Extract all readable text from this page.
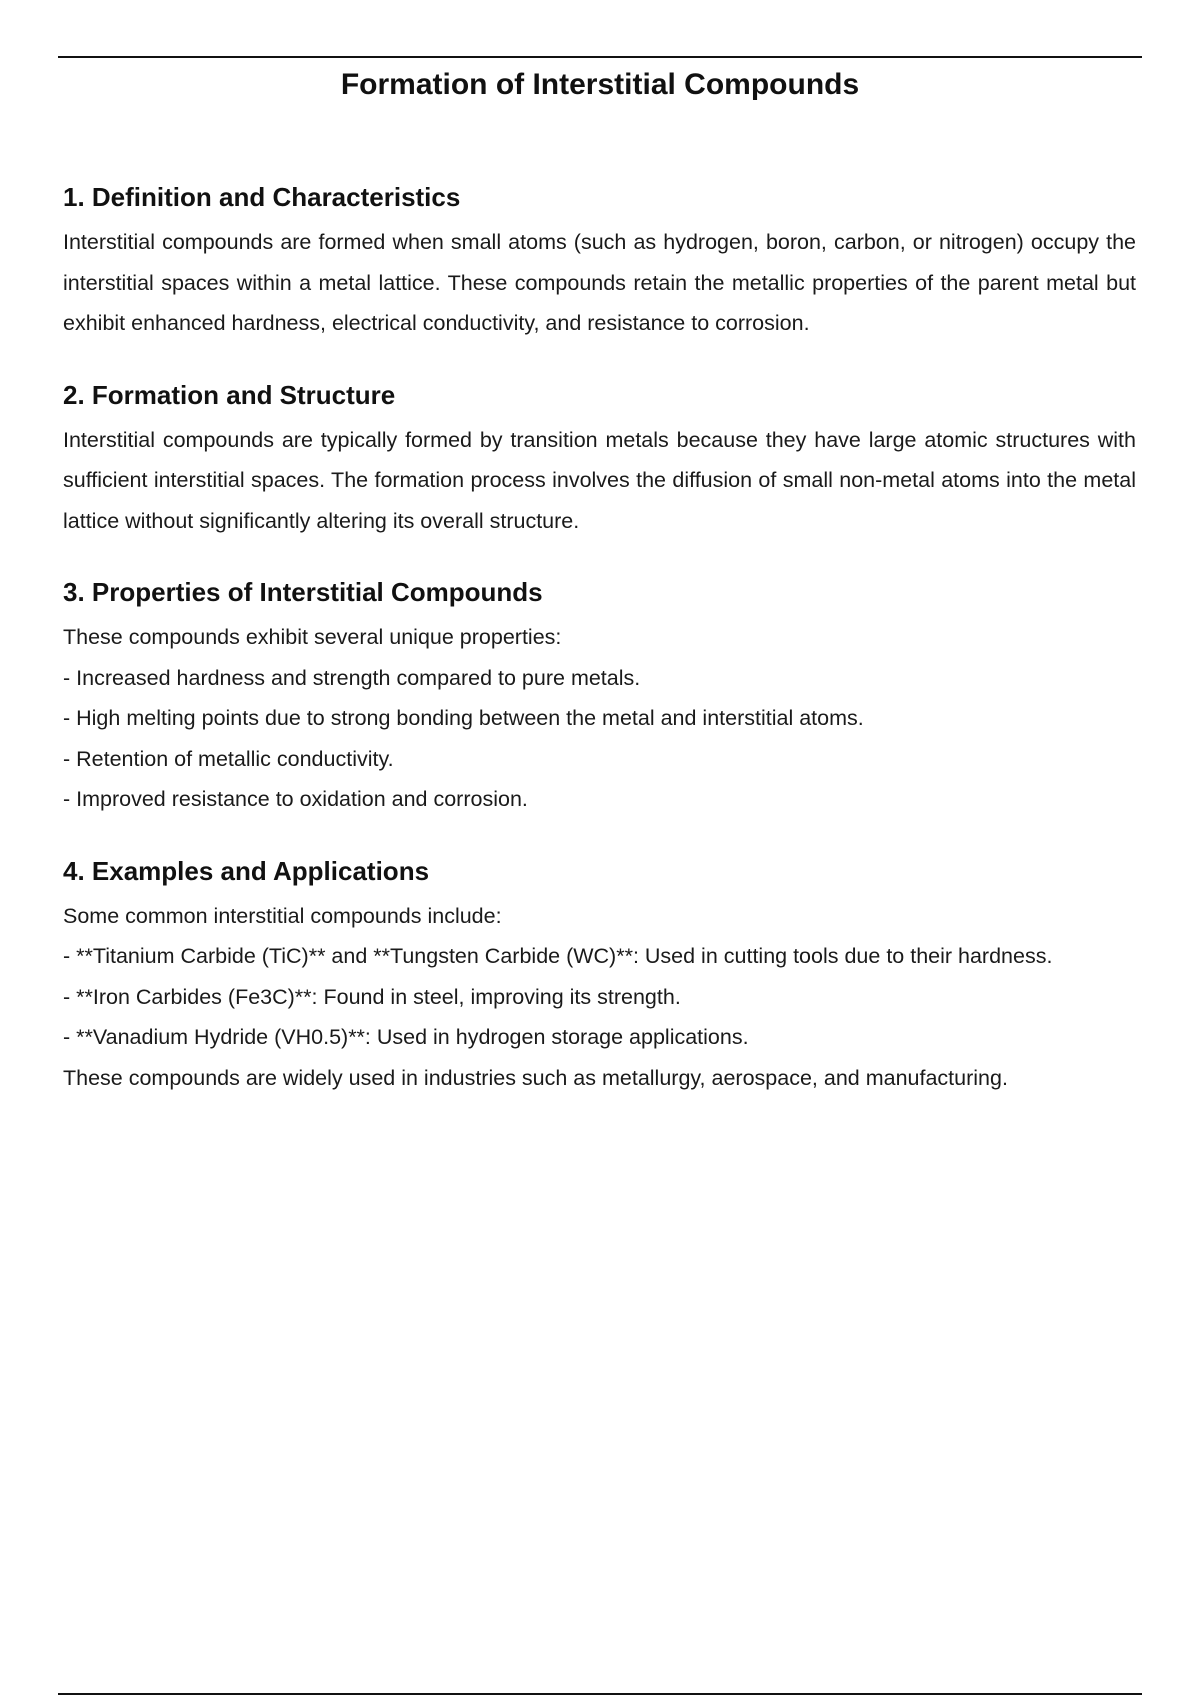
Formation of Interstitial Compounds
1. Definition and Characteristics

Interstitial compounds are formed when small atoms (such as hydrogen, boron, carbon, or nitrogen) occupy the interstitial spaces within a metal lattice. These compounds retain the metallic properties of the parent metal but exhibit enhanced hardness, electrical conductivity, and resistance to corrosion.

2. Formation and Structure

Interstitial compounds are typically formed by transition metals because they have large atomic structures with sufficient interstitial spaces. The formation process involves the diffusion of small non-metal atoms into the metal lattice without significantly altering its overall structure.

3. Properties of Interstitial Compounds

These compounds exhibit several unique properties:

- Increased hardness and strength compared to pure metals.

- High melting points due to strong bonding between the metal and interstitial atoms.

- Retention of metallic conductivity.

- Improved resistance to oxidation and corrosion.

4. Examples and Applications

Some common interstitial compounds include:

- **Titanium Carbide (TiC)** and **Tungsten Carbide (WC)**: Used in cutting tools due to their hardness.

- **Iron Carbides (Fe3C)**: Found in steel, improving its strength.

- **Vanadium Hydride (VH0.5)**: Used in hydrogen storage applications.

These compounds are widely used in industries such as metallurgy, aerospace, and manufacturing.
